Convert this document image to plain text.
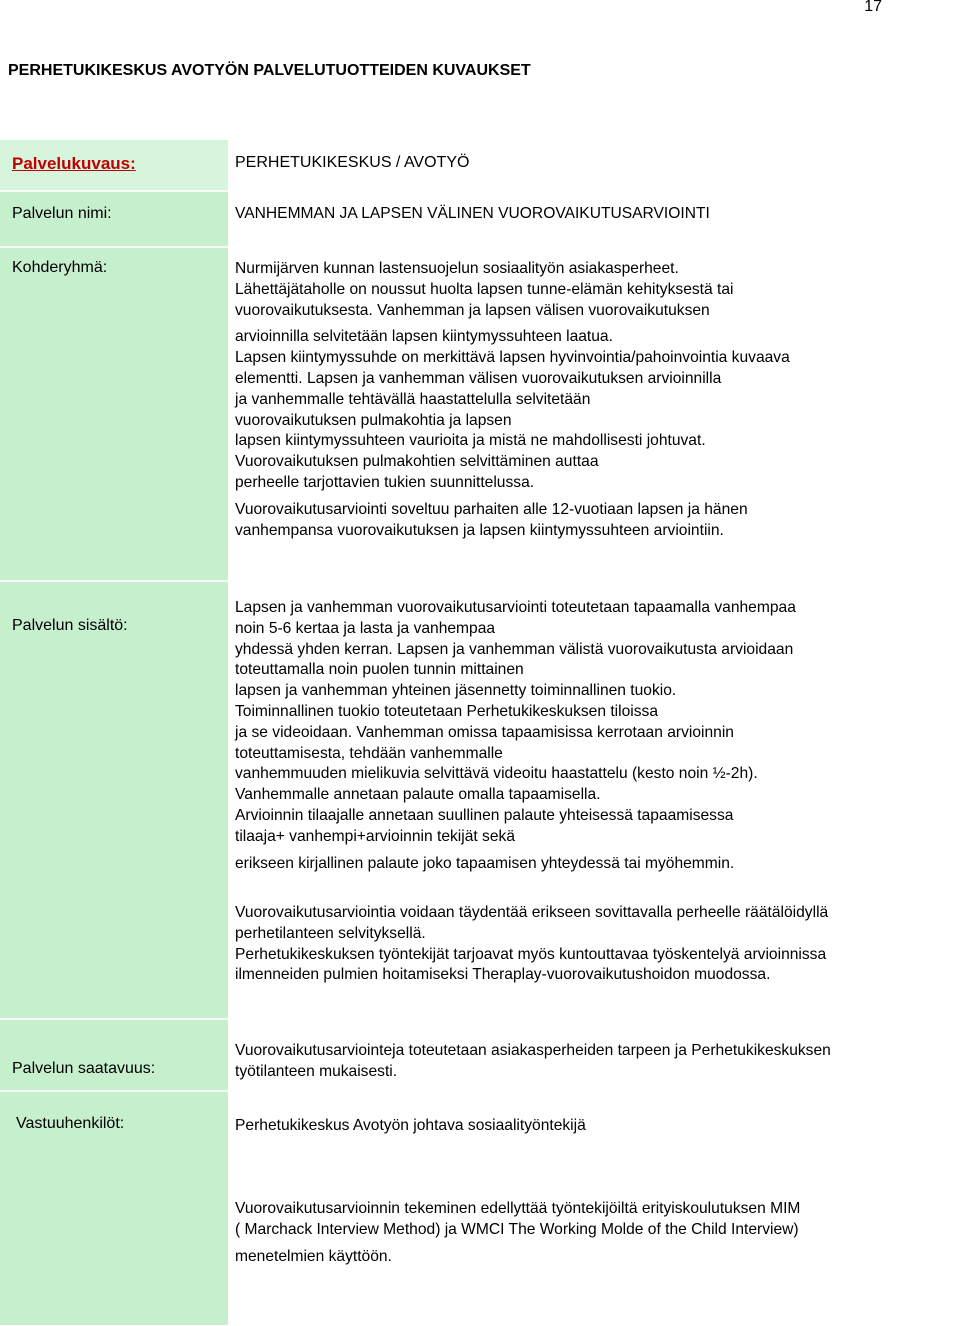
17
PERHETUKIKESKUS AVOTYÖN PALVELUTUOTTEIDEN KUVAUKSET
Palvelukuvaus:
Palvelun nimi:
Kohderyhmä:
Palvelun sisältö:
Palvelun saatavuus:
Vastuuhenkilöt:
PERHETUKIKESKUS / AVOTYÖ
VANHEMMAN JA LAPSEN VÄLINEN VUOROVAIKUTUSARVIOINTI
Nurmijärven kunnan lastensuojelun sosiaalityön asiakasperheet.
Lähettäjätaholle on noussut huolta lapsen tunne-elämän kehityksestä tai
vuorovaikutuksesta. Vanhemman ja lapsen välisen vuorovaikutuksen
arvioinnilla selvitetään lapsen kiintymyssuhteen laatua.
Lapsen kiintymyssuhde on merkittävä lapsen hyvinvointia/pahoinvointia kuvaava
elementti. Lapsen ja vanhemman välisen vuorovaikutuksen arvioinnilla
ja vanhemmalle tehtävällä haastattelulla selvitetään
vuorovaikutuksen pulmakohtia ja lapsen
lapsen kiintymyssuhteen vaurioita ja mistä ne mahdollisesti johtuvat.
Vuorovaikutuksen pulmakohtien selvittäminen auttaa
perheelle tarjottavien tukien suunnittelussa.
Vuorovaikutusarviointi soveltuu parhaiten alle 12-vuotiaan lapsen ja hänen
vanhempansa vuorovaikutuksen ja lapsen kiintymyssuhteen arviointiin.
Lapsen ja vanhemman vuorovaikutusarviointi toteutetaan tapaamalla vanhempaa
noin 5-6 kertaa ja lasta ja vanhempaa
yhdessä yhden kerran. Lapsen ja vanhemman välistä vuorovaikutusta arvioidaan
toteuttamalla noin puolen tunnin mittainen
lapsen ja vanhemman yhteinen jäsennetty toiminnallinen tuokio.
Toiminnallinen tuokio toteutetaan Perhetukikeskuksen tiloissa
ja se videoidaan. Vanhemman omissa tapaamisissa kerrotaan arvioinnin
toteuttamisesta, tehdään vanhemmalle
vanhemmuuden mielikuvia selvittävä videoitu haastattelu (kesto noin ½-2h).
Vanhemmalle annetaan palaute omalla tapaamisella.
Arvioinnin tilaajalle annetaan suullinen palaute yhteisessä tapaamisessa
tilaaja+ vanhempi+arvioinnin tekijät sekä
erikseen kirjallinen palaute joko tapaamisen yhteydessä tai myöhemmin.
Vuorovaikutusarviointia voidaan täydentää erikseen sovittavalla perheelle räätälöidyllä
perhetilanteen selvityksellä.
Perhetukikeskuksen työntekijät tarjoavat myös kuntouttavaa työskentelyä arvioinnissa
ilmenneiden pulmien hoitamiseksi Theraplay-vuorovaikutushoidon muodossa.
Vuorovaikutusarviointeja toteutetaan asiakasperheiden tarpeen ja Perhetukikeskuksen
työtilanteen mukaisesti.
Perhetukikeskus Avotyön johtava sosiaalityöntekijä
Vuorovaikutusarvioinnin tekeminen edellyttää työntekijöiltä erityiskoulutuksen MIM
( Marchack Interview Method) ja WMCI The Working Molde of the Child Interview)
menetelmien käyttöön.
